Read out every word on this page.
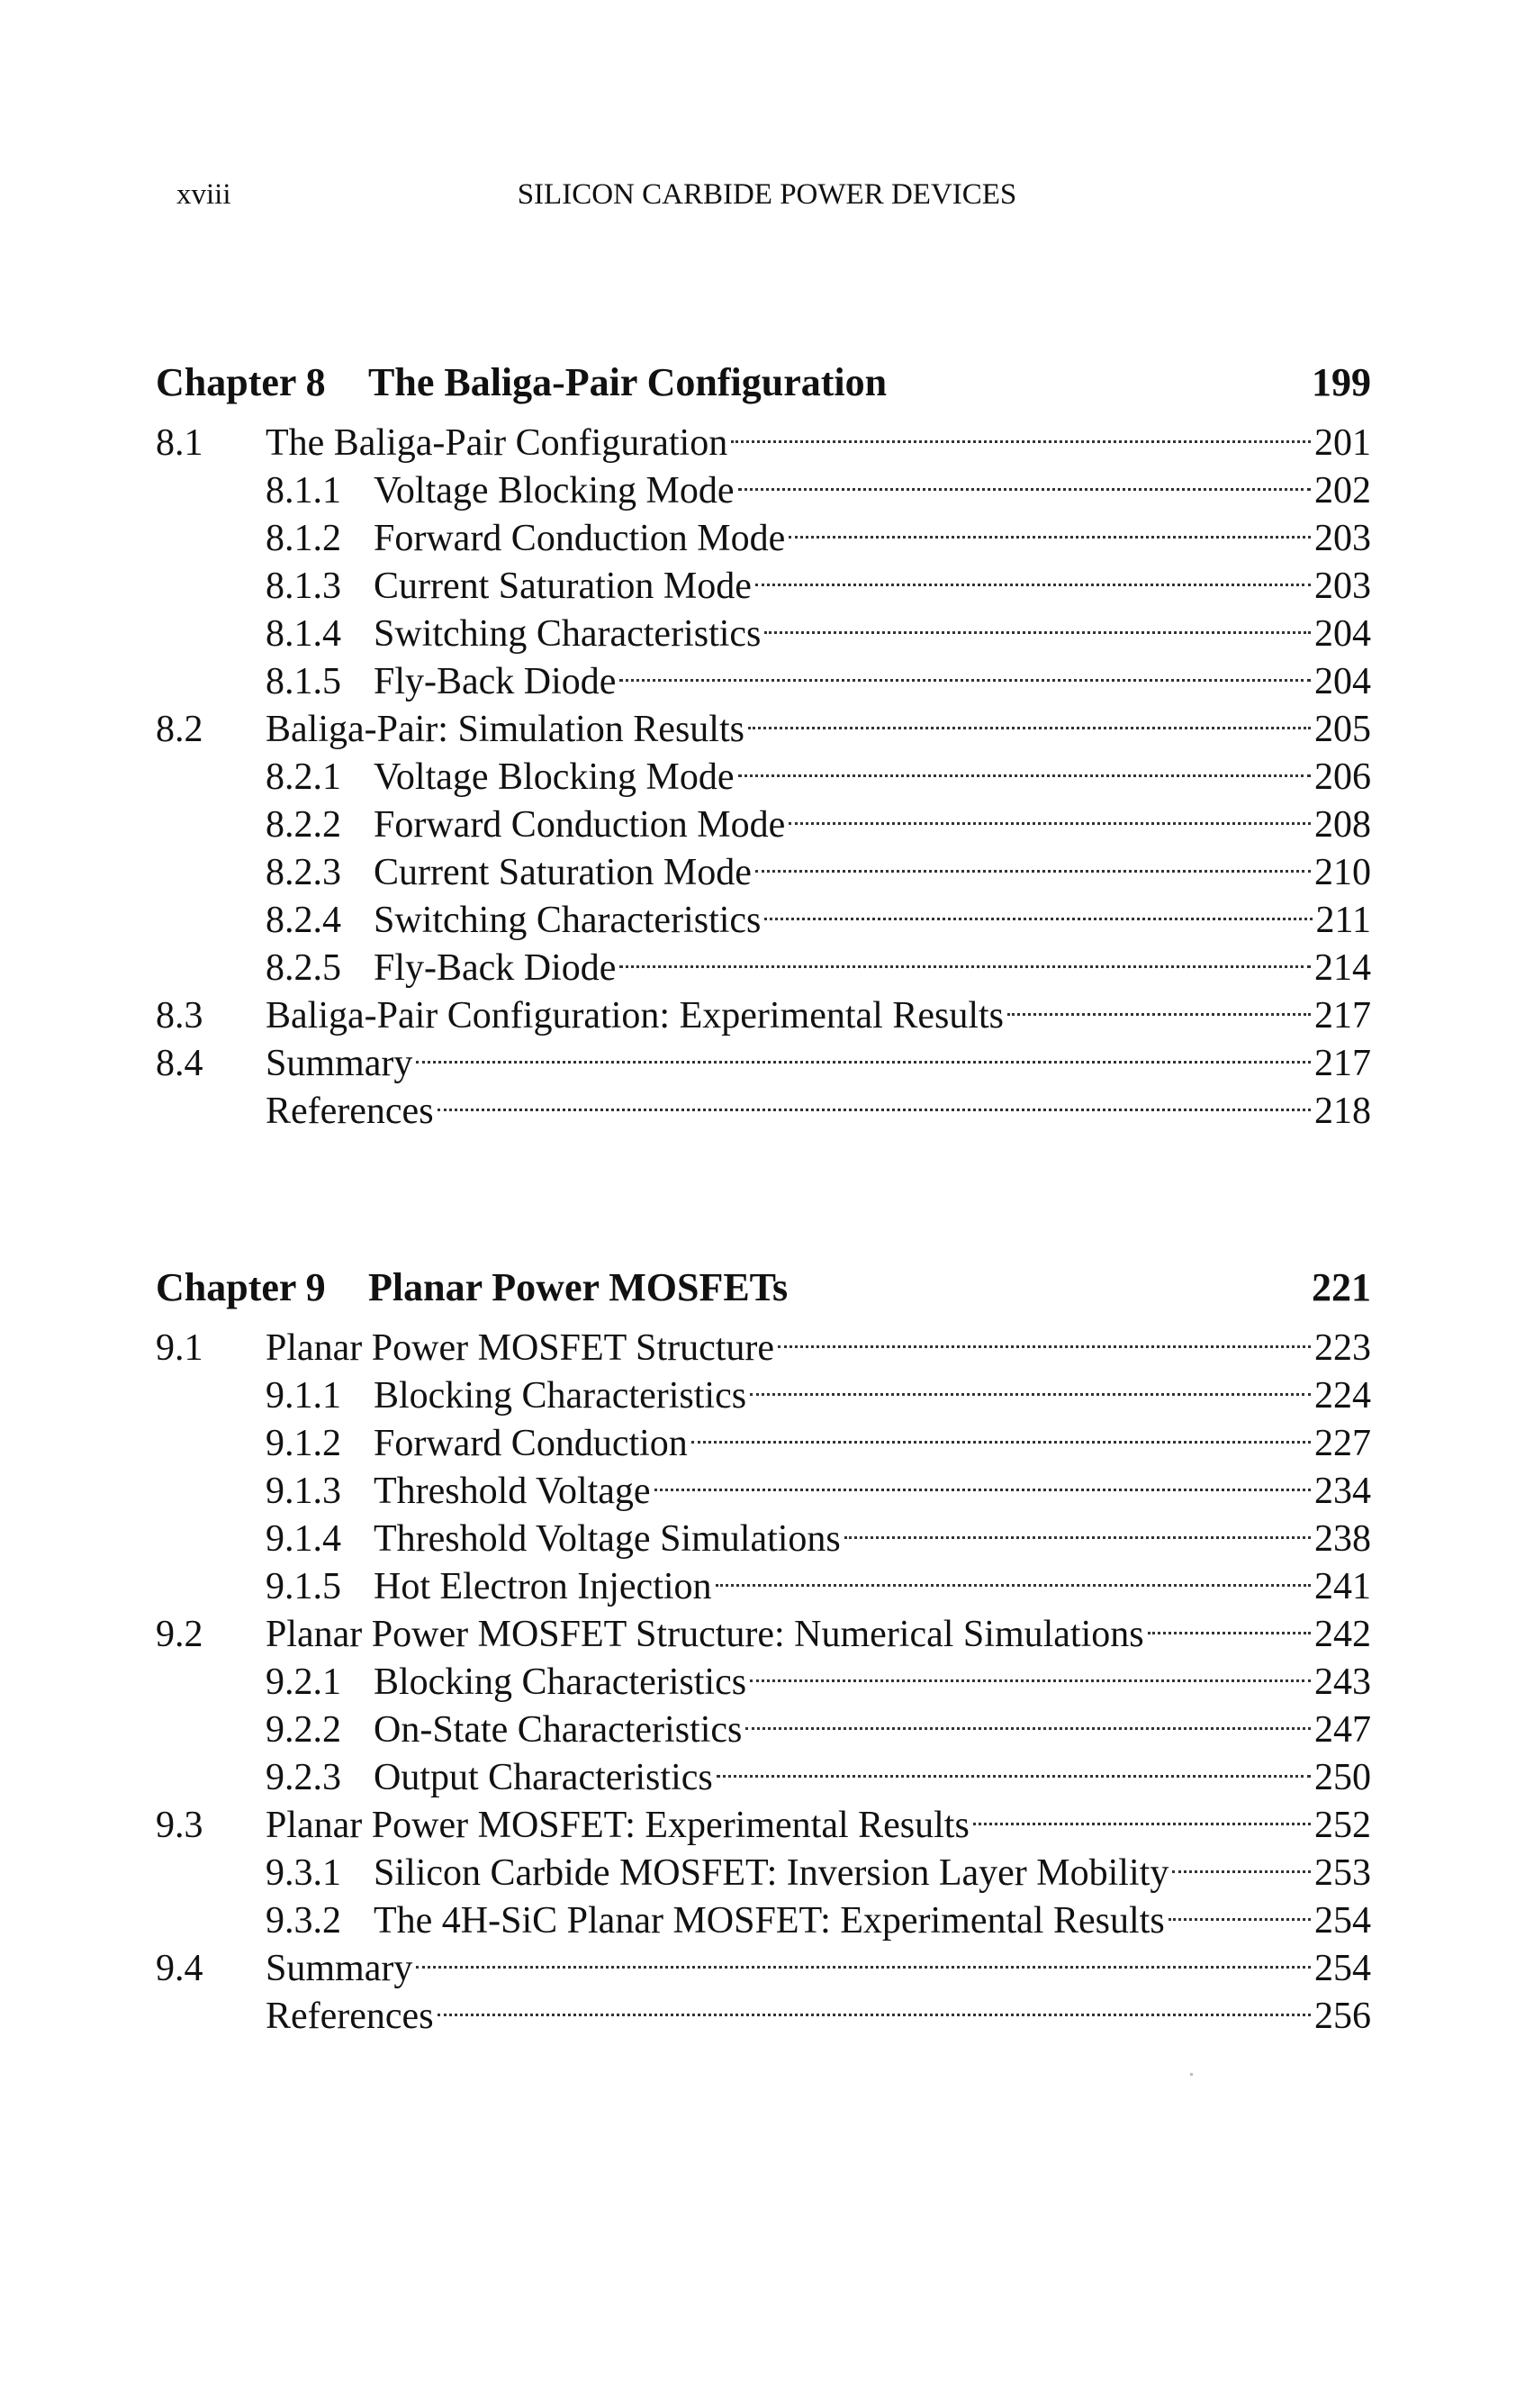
SILICON CARBIDE POWER DEVICES
xviii
Chapter 8	The Baliga-Pair Configuration	199
8.1	The Baliga-Pair Configuration	201
8.1.1 Voltage Blocking Mode	202
8.1.2 Forward Conduction Mode	203
8.1.3 Current Saturation Mode	203
8.1.4 Switching Characteristics	204
8.1.5 Fly-Back Diode	204
8.2	Baliga-Pair: Simulation Results	205
8.2.1 Voltage Blocking Mode	206
8.2.2 Forward Conduction Mode	208
8.2.3 Current Saturation Mode	210
8.2.4 Switching Characteristics	211
8.2.5 Fly-Back Diode	214
8.3	Baliga-Pair Configuration: Experimental Results	217
8.4	Summary	217
References	218
Chapter 9	Planar Power MOSFETs	221
9.1	Planar Power MOSFET Structure	223
9.1.1 Blocking Characteristics	224
9.1.2 Forward Conduction	227
9.1.3 Threshold Voltage	234
9.1.4 Threshold Voltage Simulations	238
9.1.5 Hot Electron Injection	241
9.2	Planar Power MOSFET Structure: Numerical Simulations	242
9.2.1 Blocking Characteristics	243
9.2.2 On-State Characteristics	247
9.2.3 Output Characteristics	250
9.3	Planar Power MOSFET: Experimental Results	252
9.3.1 Silicon Carbide MOSFET: Inversion Layer Mobility	253
9.3.2 The 4H-SiC Planar MOSFET: Experimental Results	254
9.4	Summary	254
References	256
